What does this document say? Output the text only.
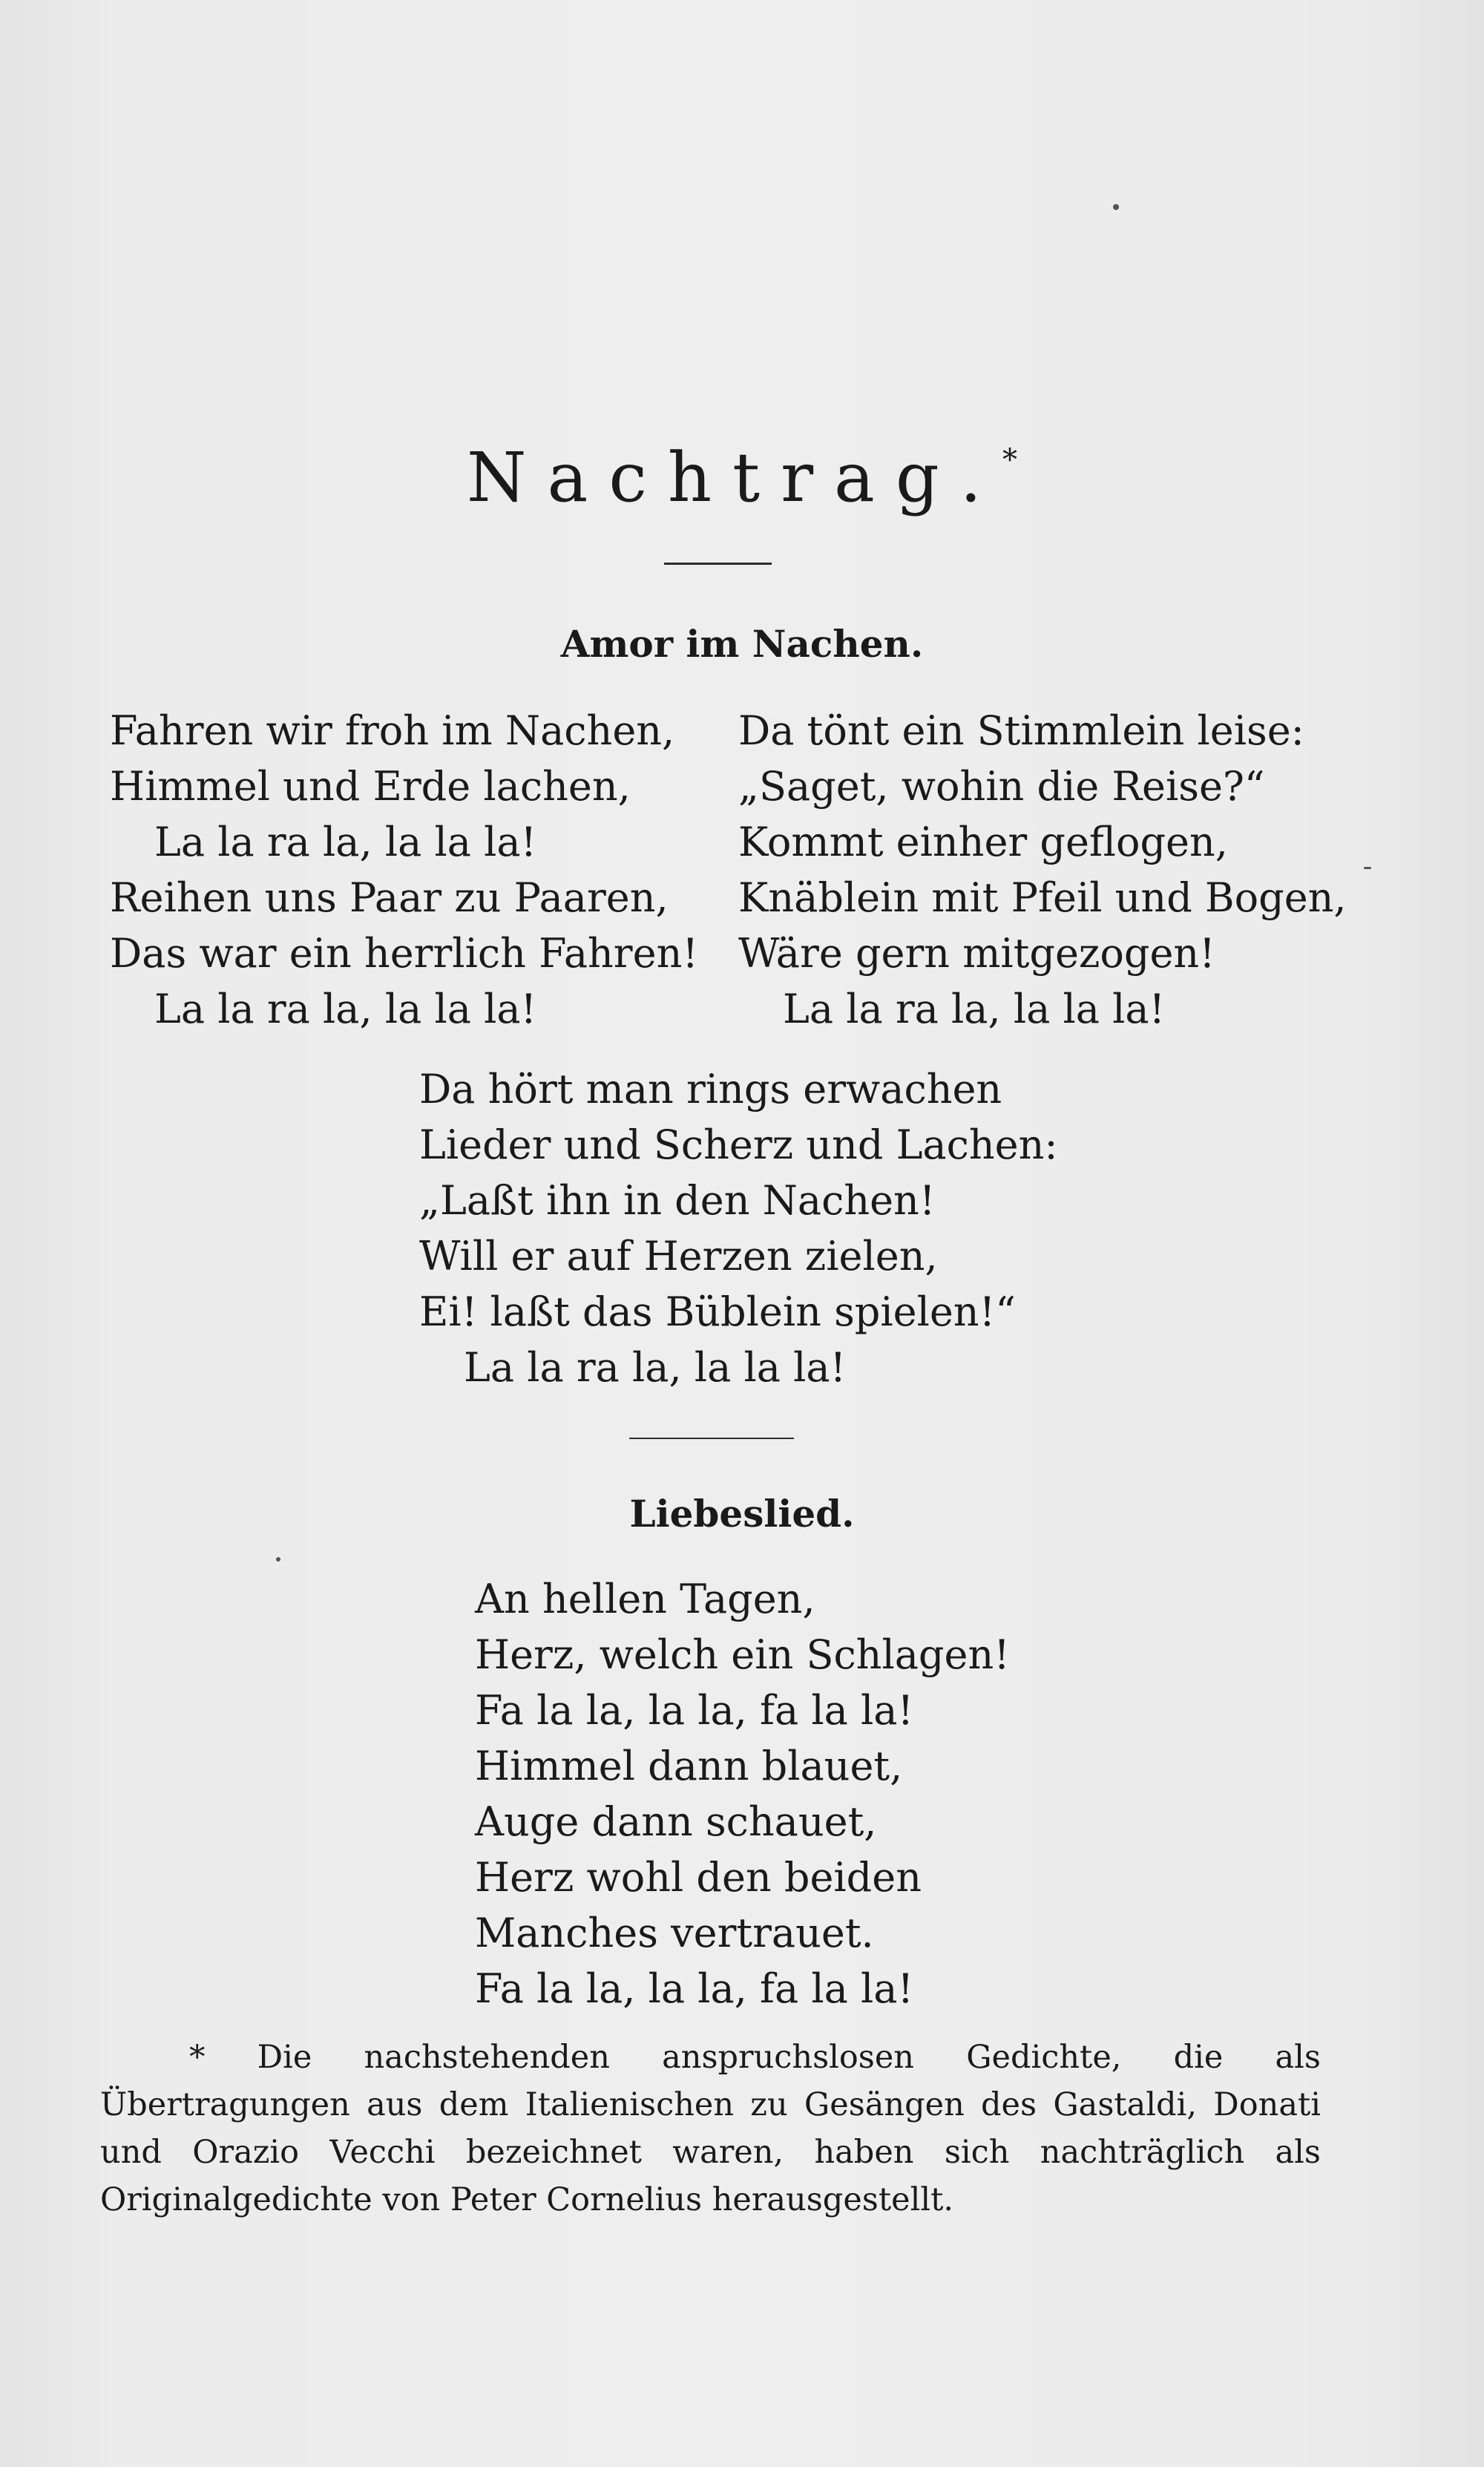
Nachtrag.*
Amor im Nachen.
Fahren wir froh im Nachen,
Himmel und Erde lachen,
La la ra la, la la la!
Reihen uns Paar zu Paaren,
Das war ein herrlich Fahren!
La la ra la, la la la!
Da tönt ein Stimmlein leise:
„Saget, wohin die Reise?“
Kommt einher geflogen,
Knäblein mit Pfeil und Bogen,
Wäre gern mitgezogen!
La la ra la, la la la!
Da hört man rings erwachen
Lieder und Scherz und Lachen:
„Laßt ihn in den Nachen!
Will er auf Herzen zielen,
Ei! laßt das Büblein spielen!“
La la ra la, la la la!
Liebeslied.
An hellen Tagen,
Herz, welch ein Schlagen!
Fa la la, la la, fa la la!
Himmel dann blauet,
Auge dann schauet,
Herz wohl den beiden
Manches vertrauet.
Fa la la, la la, fa la la!

* Die nachstehenden anspruchslosen Gedichte, die als Übertragungen aus dem Italienischen zu Gesängen des Gastaldi, Donati und Orazio Vecchi bezeichnet waren, haben sich nachträglich als Originalgedichte von Peter Cornelius herausgestellt.
